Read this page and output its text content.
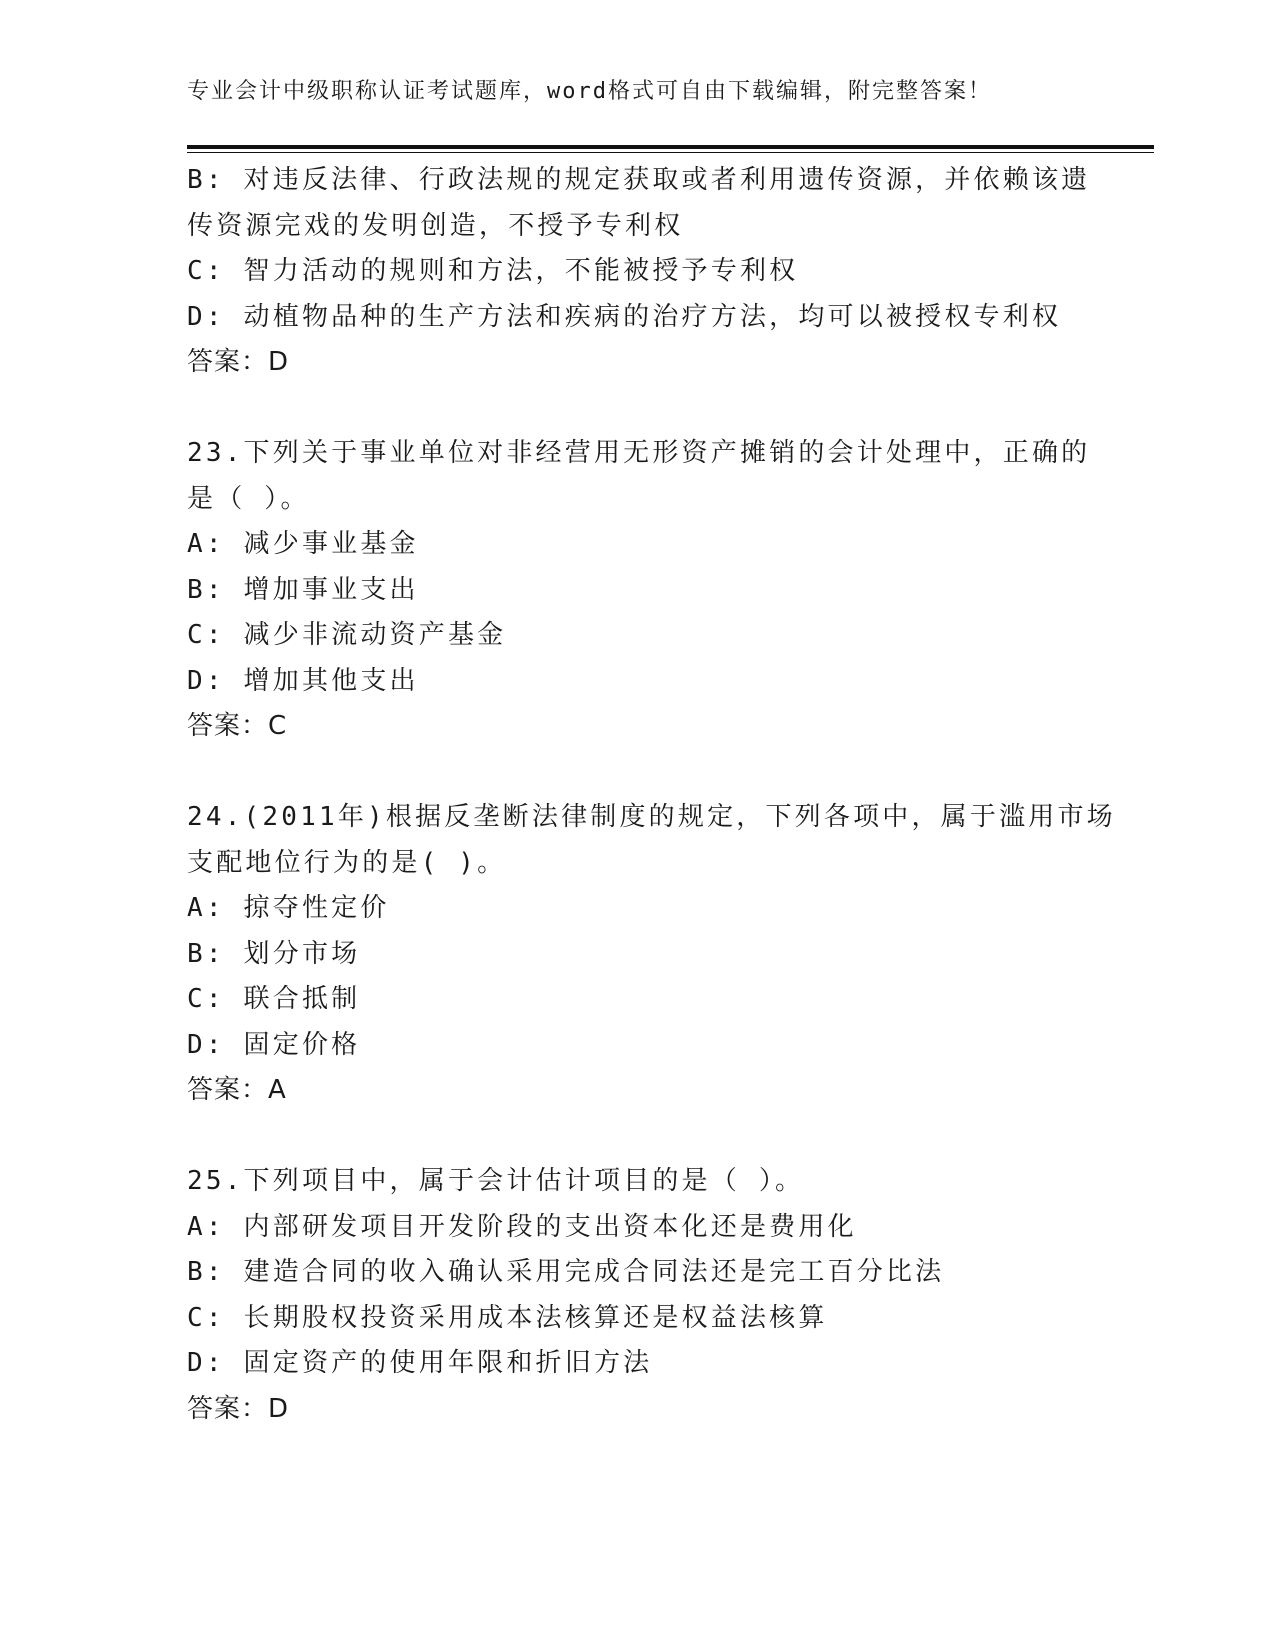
专业会计中级职称认证考试题库，word格式可自由下载编辑，附完整答案！
B: 对违反法律、行政法规的规定获取或者利用遗传资源，并依赖该遗
传资源完戏的发明创造，不授予专利权
C: 智力活动的规则和方法，不能被授予专利权
D: 动植物品种的生产方法和疾病的治疗方法，均可以被授权专利权
答案：D
23.下列关于事业单位对非经营用无形资产摊销的会计处理中，正确的
是（ ）。
A: 减少事业基金
B: 增加事业支出
C: 减少非流动资产基金
D: 增加其他支出
答案：C
24.(2011年)根据反垄断法律制度的规定，下列各项中，属于滥用市场
支配地位行为的是( )。
A: 掠夺性定价
B: 划分市场
C: 联合抵制
D: 固定价格
答案：A
25.下列项目中，属于会计估计项目的是（ ）。
A: 内部研发项目开发阶段的支出资本化还是费用化
B: 建造合同的收入确认采用完成合同法还是完工百分比法
C: 长期股权投资采用成本法核算还是权益法核算
D: 固定资产的使用年限和折旧方法
答案：D
